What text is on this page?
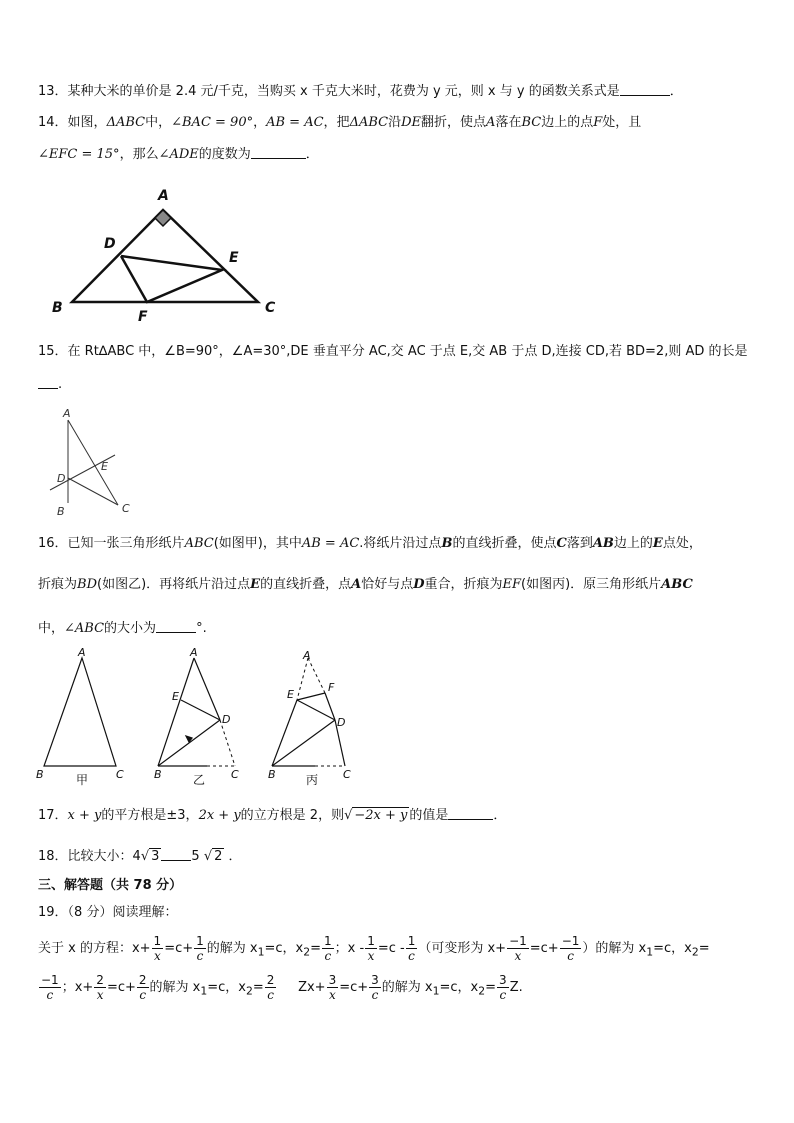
13．某种大米的单价是 2.4 元/千克，当购买 x 千克大米时，花费为 y 元，则 x 与 y 的函数关系式是	．
14．如图，ΔABC中，∠BAC = 90°，AB = AC，把ΔABC沿DE翻折，使点A落在BC边上的点F处，且
∠EFC = 15°，那么∠ADE的度数为	．
A
B	C
D
E
F
A
B	C
D
E
A
B	C
A
E
D
B	C
A
E
F
D
B	C
甲	乙	丙
15．在 Rt∆ABC 中，∠B=90°，∠A=30°,DE 垂直平分 AC,交 AC 于点 E,交 AB 于点 D,连接 CD,若 BD=2,则 AD 的长是
.
16．已知一张三角形纸片ABC(如图甲)，其中AB = AC.将纸片沿过点B的直线折叠，使点C落到AB边上的E点处，
折痕为BD(如图乙)．再将纸片沿过点E的直线折叠，点A恰好与点D重合，折痕为EF(如图丙)．原三角形纸片ABC
中，∠ABC的大小为	°.
17．x + y的平方根是±3，2x + y的立方根是 2，则√ −2x + y 的值是	．
18．比较大小：4√ 3 5 √ 2 ．
三、解答题（共 78 分）
19．（8 分）阅读理解：
关于 x 的方程：$x+ \frac{1}{x} =c+ \frac{1}{c}$ 的解为 $x_1=c$，$x_2= \frac{1}{c}$ ；$x - \frac{1}{x} =c - \frac{1}{c}$ （可变形为 $x+ \frac{-1}{x} =c+ \frac{-1}{c}$ ）的解为 $x_1=c$，$x_2=$
$\frac{-1}{c}$ ；$x+ \frac{2}{x} =c+ \frac{2}{c}$ 的解为 $x_1=c$，$x_2= \frac{2}{c} Zx+ \frac{3}{x} =c+ \frac{3}{c}$ 的解为 $x_1=c$，$x_2= \frac{3}{c} Z$.
